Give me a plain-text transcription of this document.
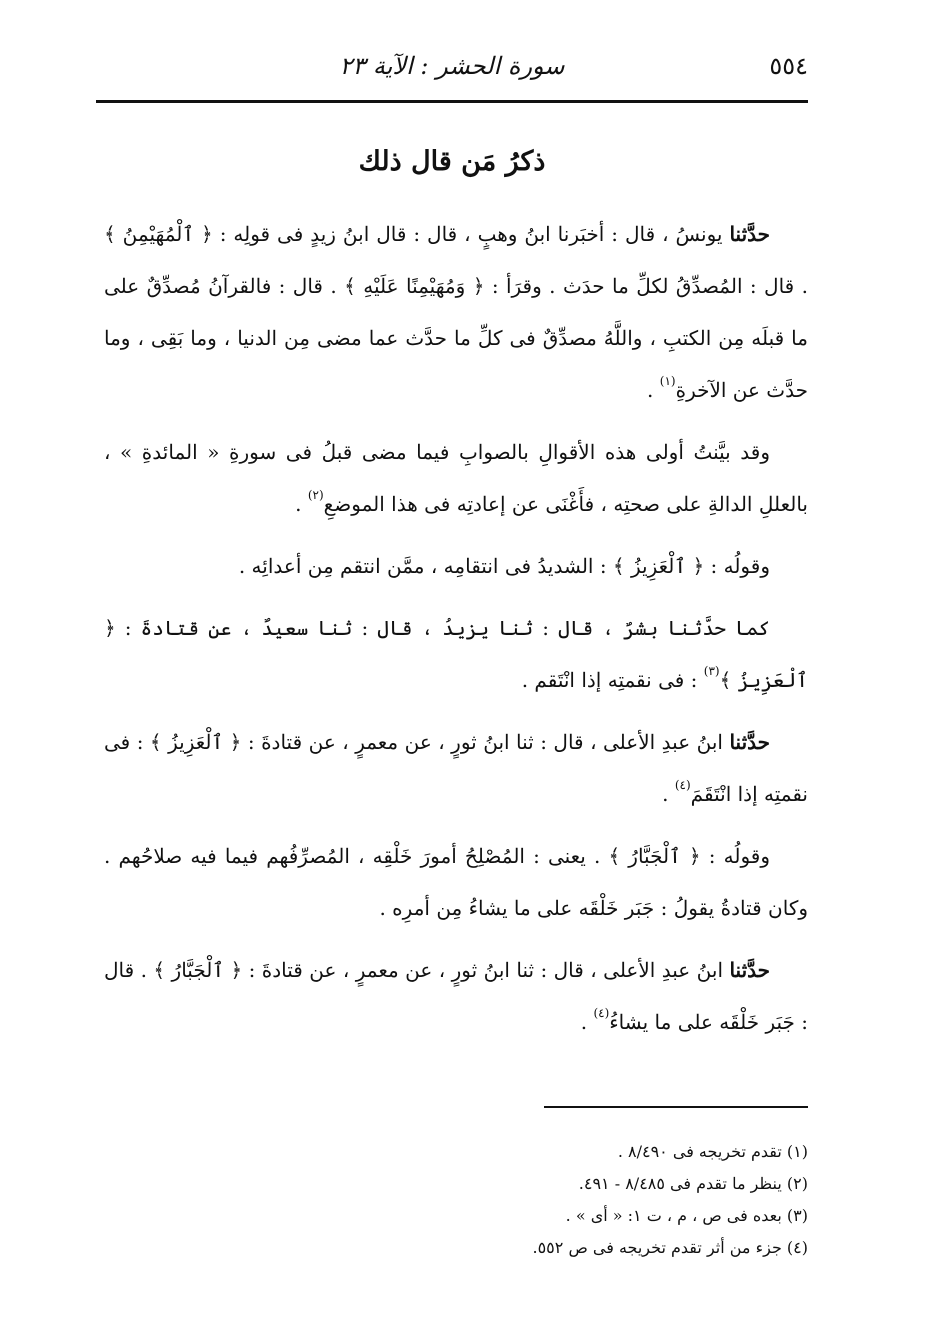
٥٥٤
سورة الحشر : الآية ٢٣
ذكرُ مَن قال ذلك

حدَّثنا يونسُ ، قال : أخبَرنا ابنُ وهبٍ ، قال : قال ابنُ زيدٍ فى قولِه : ﴿ ٱلْمُهَيْمِنُ ﴾ . قال : المُصدِّقُ لكلِّ ما حدَث . وقرَأ : ﴿ وَمُهَيْمِنًا عَلَيْهِ ﴾ . قال : فالقرآنُ مُصدِّقٌ على ما قبلَه مِن الكتبِ ، واللَّهُ مصدِّقٌ فى كلِّ ما حدَّث عما مضى مِن الدنيا ، وما بَقِى ، وما حدَّث عن الآخرةِ$^{(١)}$ .

وقد بيَّنتُ أولى هذه الأقوالِ بالصوابِ فيما مضى قبلُ فى سورةِ « المائدةِ » ، بالعللِ الدالةِ على صحتِه ، فأَغْنَى عن إعادتِه فى هذا الموضعِ$^{(٢)}$ .

وقولُه : ﴿ ٱلْعَزِيزُ ﴾ : الشديدُ فى انتقامِه ، ممَّن انتقم مِن أعدائِه .

كما حدَّثنا بشرٌ ، قال : ثنا يزيدُ ، قال : ثنا سعيدٌ ، عن قتادةَ : ﴿ ٱلْعَزِيزُ ﴾$^{(٣)}$ : فى نقمتِه إذا انْتَقم .

حدَّثنا ابنُ عبدِ الأعلى ، قال : ثنا ابنُ ثورٍ ، عن معمرٍ ، عن قتادةَ : ﴿ ٱلْعَزِيزُ ﴾ : فى نقمتِه إذا انْتَقَمَ$^{(٤)}$ .

وقولُه : ﴿ ٱلْجَبَّارُ ﴾ . يعنى : المُصْلِحُ أمورَ خَلْقِه ، المُصرِّفُهم فيما فيه صلاحُهم . وكان قتادةُ يقولُ : جَبَر خَلْقَه على ما يشاءُ مِن أمرِه .

حدَّثنا ابنُ عبدِ الأعلى ، قال : ثنا ابنُ ثورٍ ، عن معمرٍ ، عن قتادةَ : ﴿ ٱلْجَبَّارُ ﴾ . قال : جَبَر خَلْقَه على ما يشاءُ$^{(٤)}$ .

(١) تقدم تخريجه فى ٨/٤٩٠ .

(٢) ينظر ما تقدم فى ٨/٤٨٥ - ٤٩١.

(٣) بعده فى ص ، م ، ت ١: « أى » .

(٤) جزء من أثر تقدم تخريجه فى ص ٥٥٢.
